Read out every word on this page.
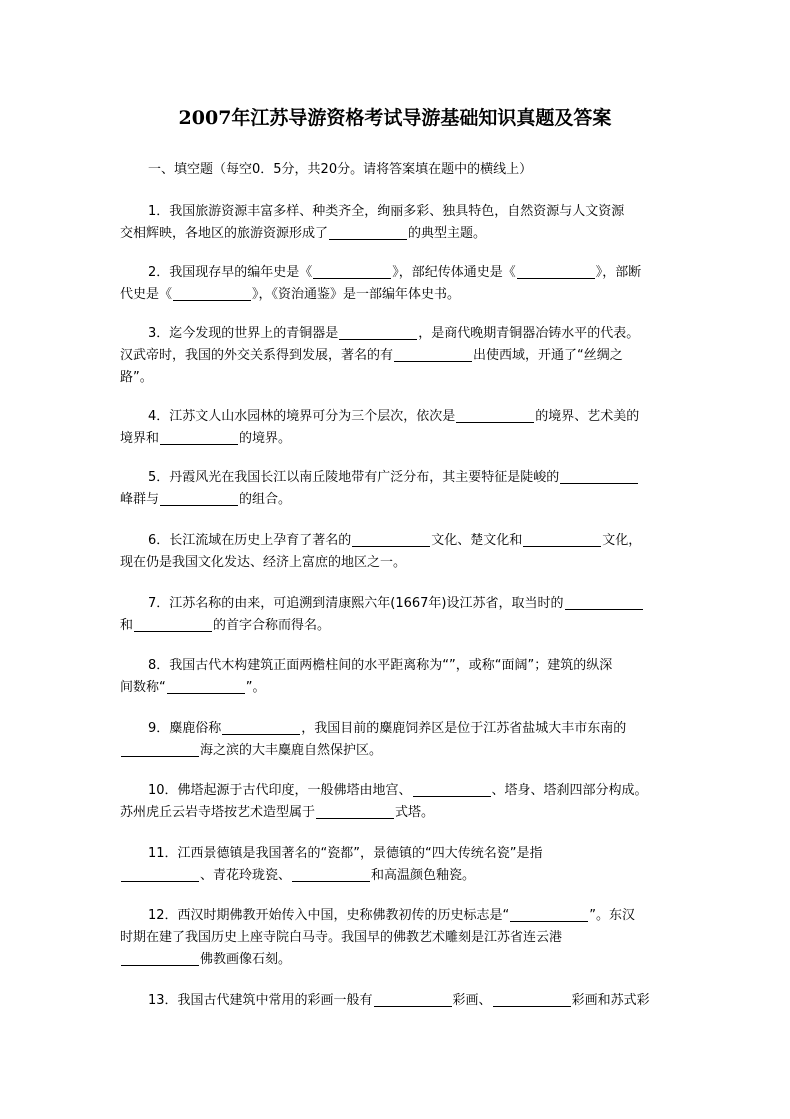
2007年江苏导游资格考试导游基础知识真题及答案
一、填空题（每空0．5分，共20分。请将答案填在题中的横线上）
1．我国旅游资源丰富多样、种类齐全，绚丽多彩、独具特色，自然资源与人文资源
交相辉映，各地区的旅游资源形成了	的典型主题。
2．我国现存早的编年史是《	》，部纪传体通史是《	》，部断
代史是《	》，《资治通鉴》是一部编年体史书。
3．迄今发现的世界上的青铜器是	，是商代晚期青铜器冶铸水平的代表。
汉武帝时，我国的外交关系得到发展，著名的有	出使西域，开通了“丝绸之
路”。
4．江苏文人山水园林的境界可分为三个层次，依次是	的境界、艺术美的
境界和	的境界。
5．丹霞风光在我国长江以南丘陵地带有广泛分布，其主要特征是陡峻的
峰群与	的组合。
6．长江流域在历史上孕育了著名的	文化、楚文化和	文化，
现在仍是我国文化发达、经济上富庶的地区之一。
7．江苏名称的由来，可追溯到清康熙六年(1667年)设江苏省，取当时的
和	的首字合称而得名。
8．我国古代木构建筑正面两檐柱间的水平距离称为“”，或称“面阔”；建筑的纵深
间数称“	”。
9．麋鹿俗称	，我国目前的麋鹿饲养区是位于江苏省盐城大丰市东南的
海之滨的大丰麋鹿自然保护区。
10．佛塔起源于古代印度，一般佛塔由地宫、	、塔身、塔刹四部分构成。
苏州虎丘云岩寺塔按艺术造型属于	式塔。
11．江西景德镇是我国著名的“瓷都”，景德镇的“四大传统名瓷”是指
、青花玲珑瓷、	和高温颜色釉瓷。
12．西汉时期佛教开始传入中国，史称佛教初传的历史标志是“	”。东汉
时期在建了我国历史上座寺院白马寺。我国早的佛教艺术雕刻是江苏省连云港
佛教画像石刻。
13．我国古代建筑中常用的彩画一般有	彩画、	彩画和苏式彩
